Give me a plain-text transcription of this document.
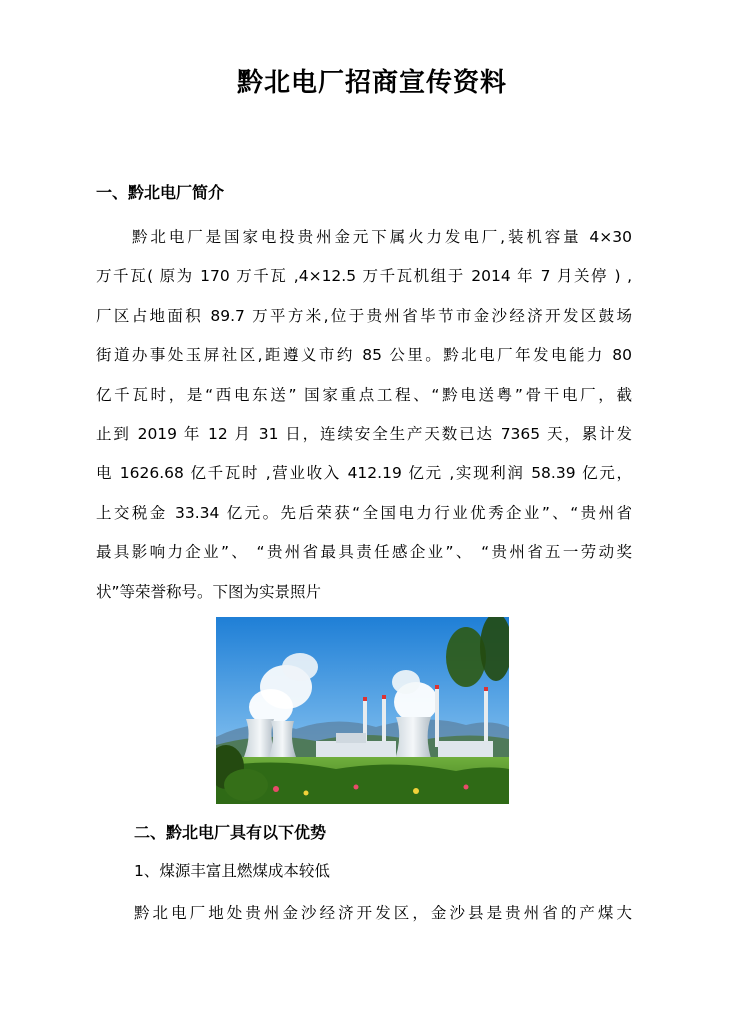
黔北电厂招商宣传资料
一、黔北电厂简介
黔北电厂是国家电投贵州金元下属火力发电厂,装机容量 4×30
万千瓦( 原为 170 万千瓦 ,4×12.5 万千瓦机组于 2014 年 7 月关停 ) ,
厂区占地面积 89.7 万平方米,位于贵州省毕节市金沙经济开发区鼓场
街道办事处玉屏社区,距遵义市约 85 公里。黔北电厂年发电能力 80
亿千瓦时，是“西电东送” 国家重点工程、“黔电送粤”骨干电厂，截
止到 2019 年 12 月 31 日，连续安全生产天数已达 7365 天，累计发
电 1626.68 亿千瓦时 ,营业收入 412.19 亿元 ,实现利润 58.39 亿元，
上交税金 33.34 亿元。先后荣获“全国电力行业优秀企业”、“贵州省
最具影响力企业”、 “贵州省最具责任感企业”、 “贵州省五一劳动奖
状”等荣誉称号。下图为实景照片
二、黔北电厂具有以下优势
1、煤源丰富且燃煤成本较低
黔北电厂地处贵州金沙经济开发区，金沙县是贵州省的产煤大
